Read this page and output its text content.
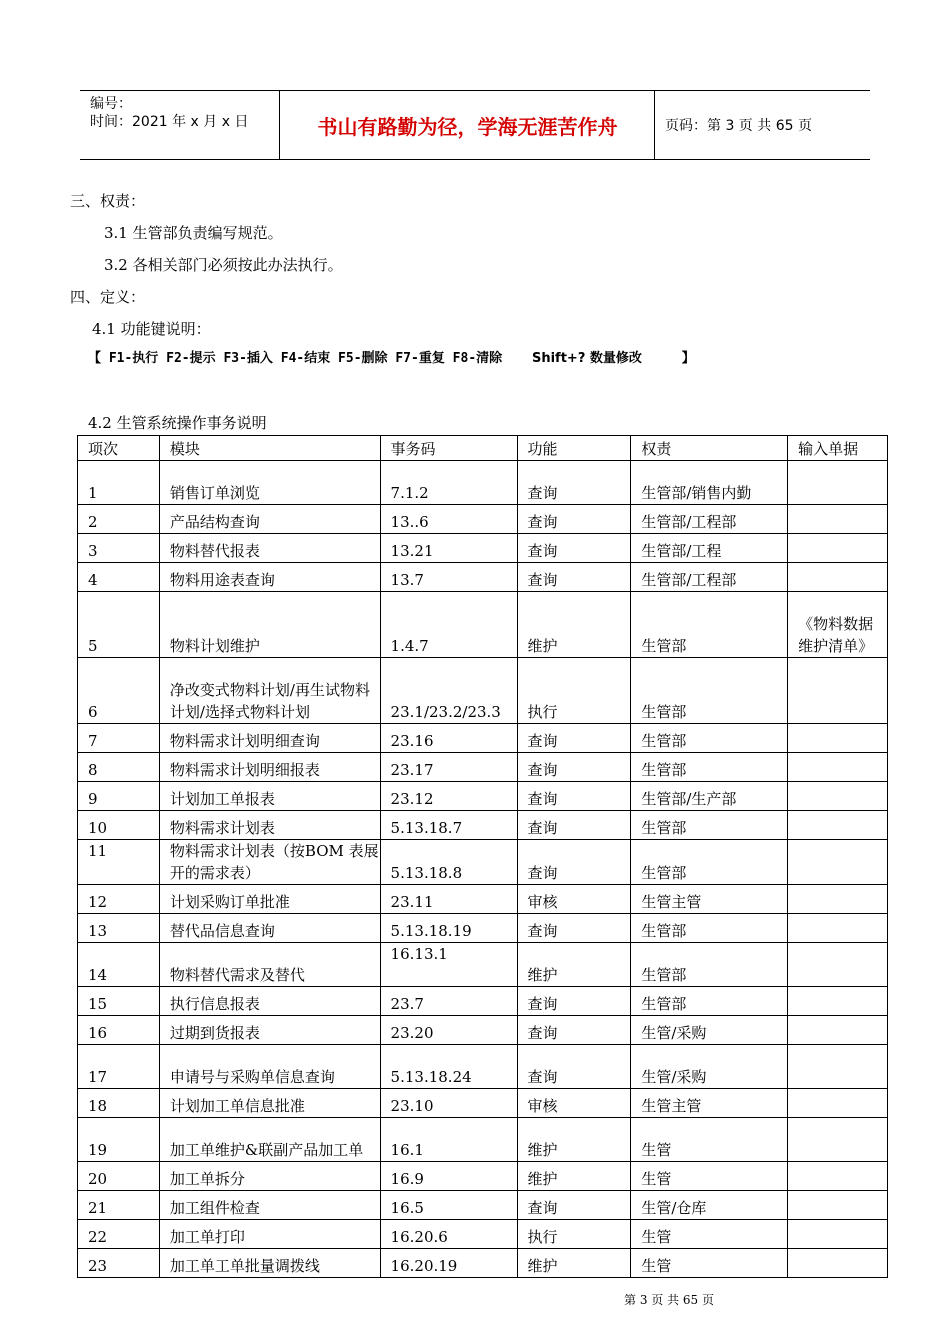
编号：
时间：2021 年 x 月 x 日	书山有路勤为径，学海无涯苦作舟	页码：第 3 页 共 65 页
三、权责：
3.1 生管部负责编写规范。
3.2 各相关部门必须按此办法执行。
四、定义：
4.1 功能键说明：
【 F1-执行 F2-提示 F3-插入 F4-结束 F5-删除 F7-重复 F8-清除 Shift+? 数量修改	】
4.2 生管系统操作事务说明
项次	模块	事务码	功能	权责	输入单据
1	销售订单浏览	7.1.2	查询	生管部/销售内勤	
2	产品结构查询	13..6	查询	生管部/工程部	
3	物料替代报表	13.21	查询	生管部/工程	
4	物料用途表查询	13.7	查询	生管部/工程部	
5	物料计划维护	1.4.7	维护	生管部	《物料数据维护清单》
6	净改变式物料计划/再生试物料计划/选择式物料计划	23.1/23.2/23.3	执行	生管部	
7	物料需求计划明细查询	23.16	查询	生管部	
8	物料需求计划明细报表	23.17	查询	生管部	
9	计划加工单报表	23.12	查询	生管部/生产部	
10	物料需求计划表	5.13.18.7	查询	生管部	
11	物料需求计划表（按BOM 表展开的需求表）	5.13.18.8	查询	生管部	
12	计划采购订单批准	23.11	审核	生管主管	
13	替代品信息查询	5.13.18.19	查询	生管部	
14	物料替代需求及替代	16.13.1	维护	生管部	
15	执行信息报表	23.7	查询	生管部	
16	过期到货报表	23.20	查询	生管/采购	
17	申请号与采购单信息查询	5.13.18.24	查询	生管/采购	
18	计划加工单信息批准	23.10	审核	生管主管	
19	加工单维护&联副产品加工单	16.1	维护	生管	
20	加工单拆分	16.9	维护	生管	
21	加工组件检查	16.5	查询	生管/仓库	
22	加工单打印	16.20.6	执行	生管	
23	加工单工单批量调拨线	16.20.19	维护	生管	
第 3 页 共 65 页
